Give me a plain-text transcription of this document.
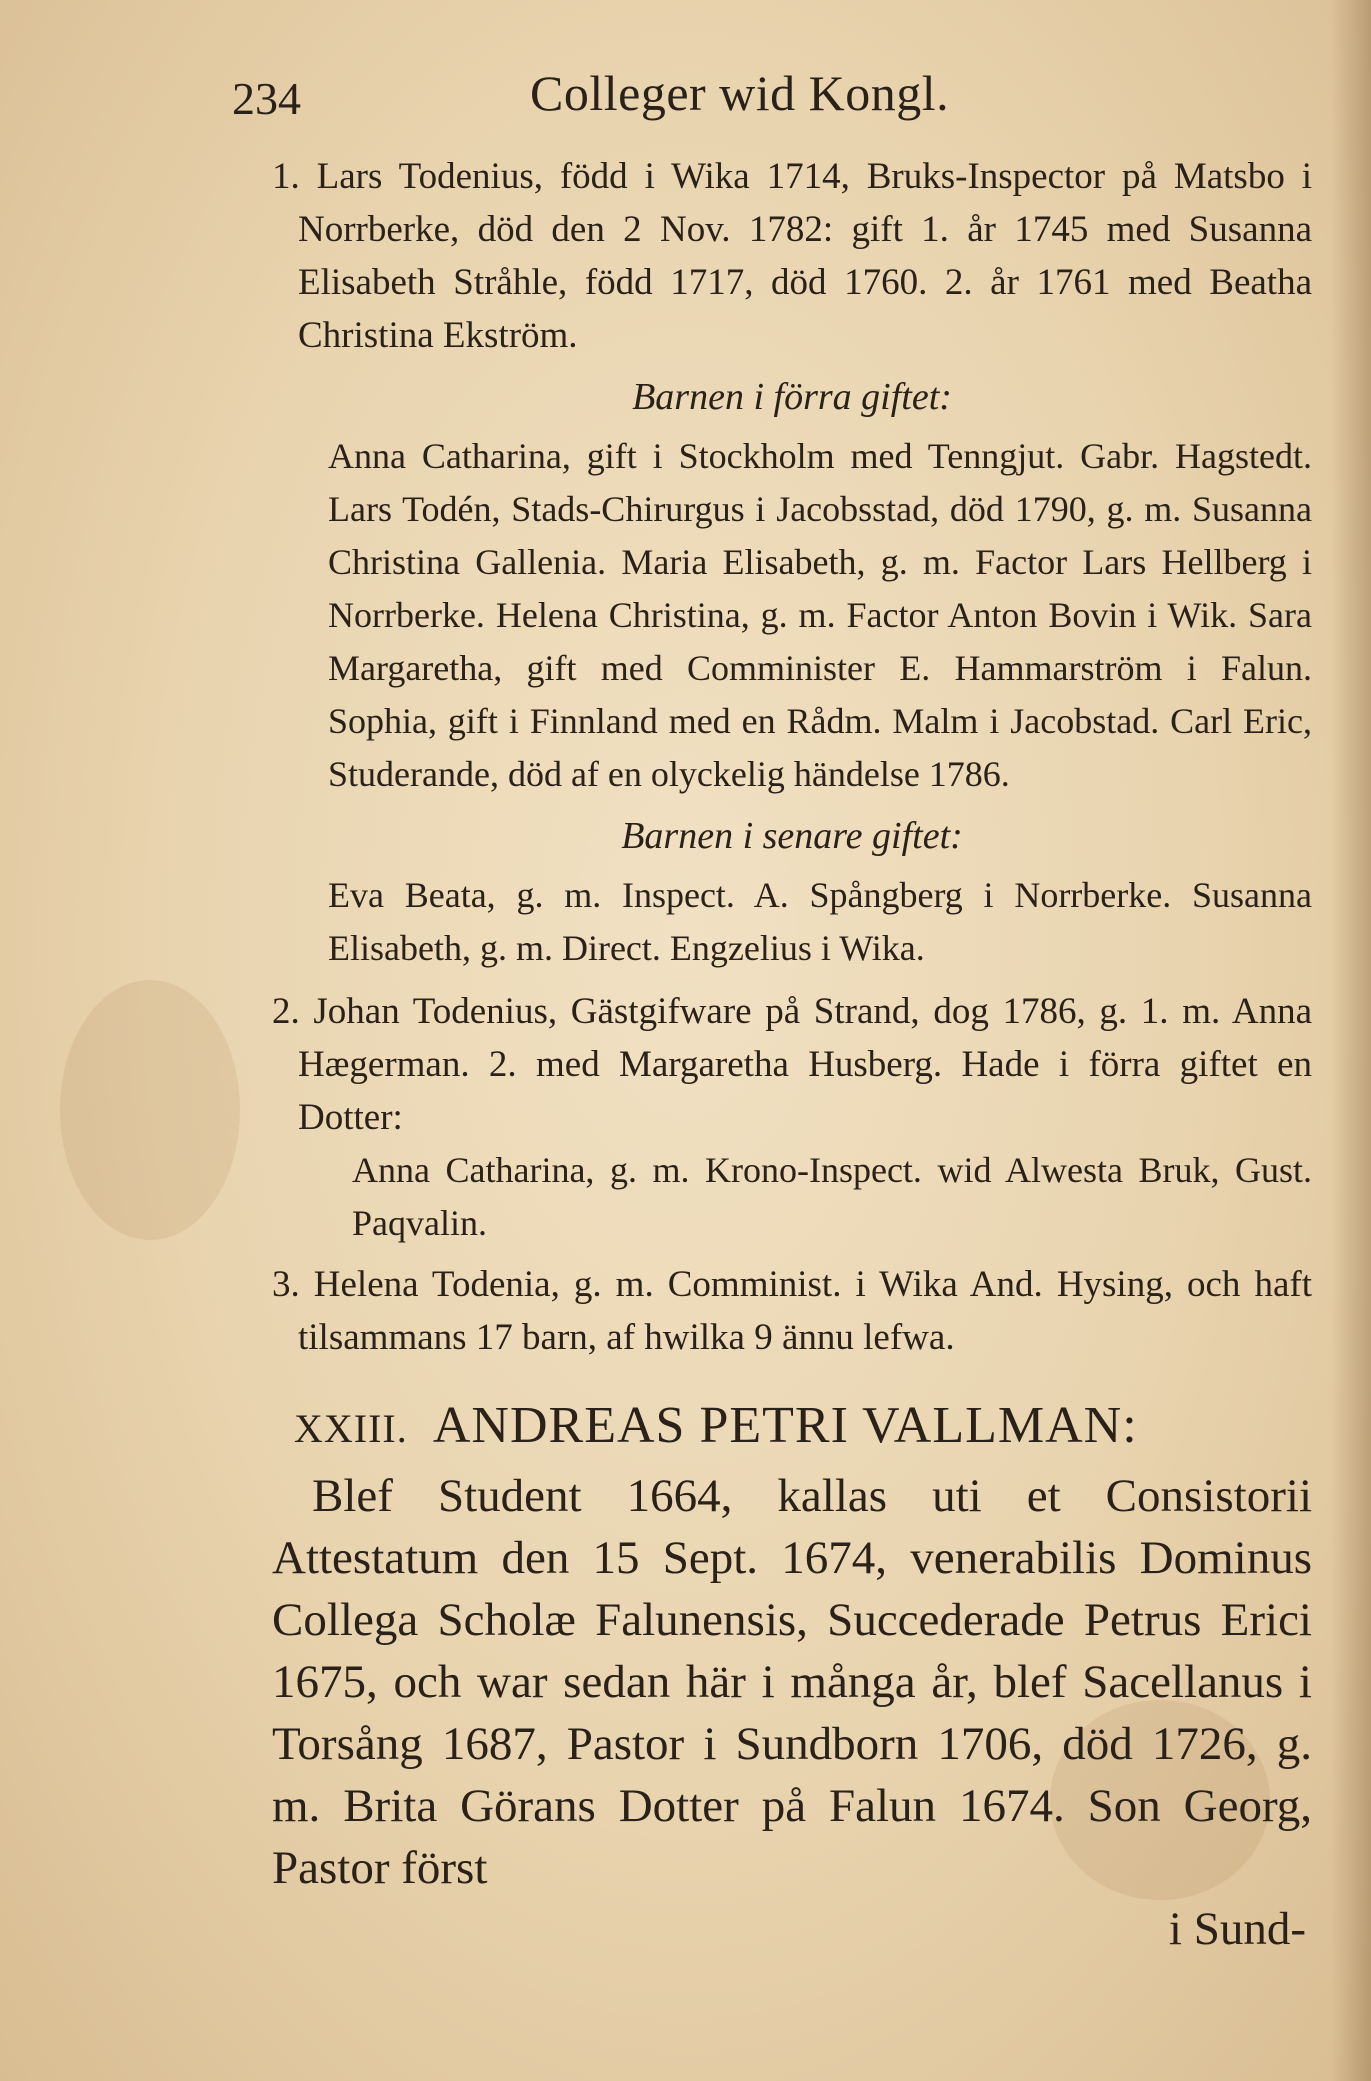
234	Colleger wid Kongl.

1. Lars Todenius, född i Wika 1714, Bruks-Inspector på Matsbo i Norrberke, död den 2 Nov. 1782: gift 1. år 1745 med Susanna Elisabeth Stråhle, född 1717, död 1760. 2. år 1761 med Beatha Christina Ekström.

Barnen i förra giftet:

Anna Catharina, gift i Stockholm med Tenngjut. Gabr. Hagstedt. Lars Todén, Stads-Chirurgus i Jacobsstad, död 1790, g. m. Susanna Christina Gallenia. Maria Elisabeth, g. m. Factor Lars Hellberg i Norrberke. Helena Christina, g. m. Factor Anton Bovin i Wik. Sara Margaretha, gift med Comminister E. Hammarström i Falun. Sophia, gift i Finnland med en Rådm. Malm i Jacobstad. Carl Eric, Studerande, död af en olyckelig händelse 1786.

Barnen i senare giftet:

Eva Beata, g. m. Inspect. A. Spångberg i Norrberke. Susanna Elisabeth, g. m. Direct. Engzelius i Wika.

2. Johan Todenius, Gästgifware på Strand, dog 1786, g. 1. m. Anna Hægerman. 2. med Margaretha Husberg. Hade i förra giftet en Dotter:

Anna Catharina, g. m. Krono-Inspect. wid Alwesta Bruk, Gust. Paqvalin.

3. Helena Todenia, g. m. Comminist. i Wika And. Hysing, och haft tilsammans 17 barn, af hwilka 9 ännu lefwa.

XXIII. ANDREAS PETRI VALLMAN:

Blef Student 1664, kallas uti et Consistorii Attestatum den 15 Sept. 1674, venerabilis Dominus Collega Scholæ Falunensis, Succederade Petrus Erici 1675, och war sedan här i många år, blef Sacellanus i Torsång 1687, Pastor i Sundborn 1706, död 1726, g. m. Brita Görans Dotter på Falun 1674. Son Georg, Pastor först

i Sund-
